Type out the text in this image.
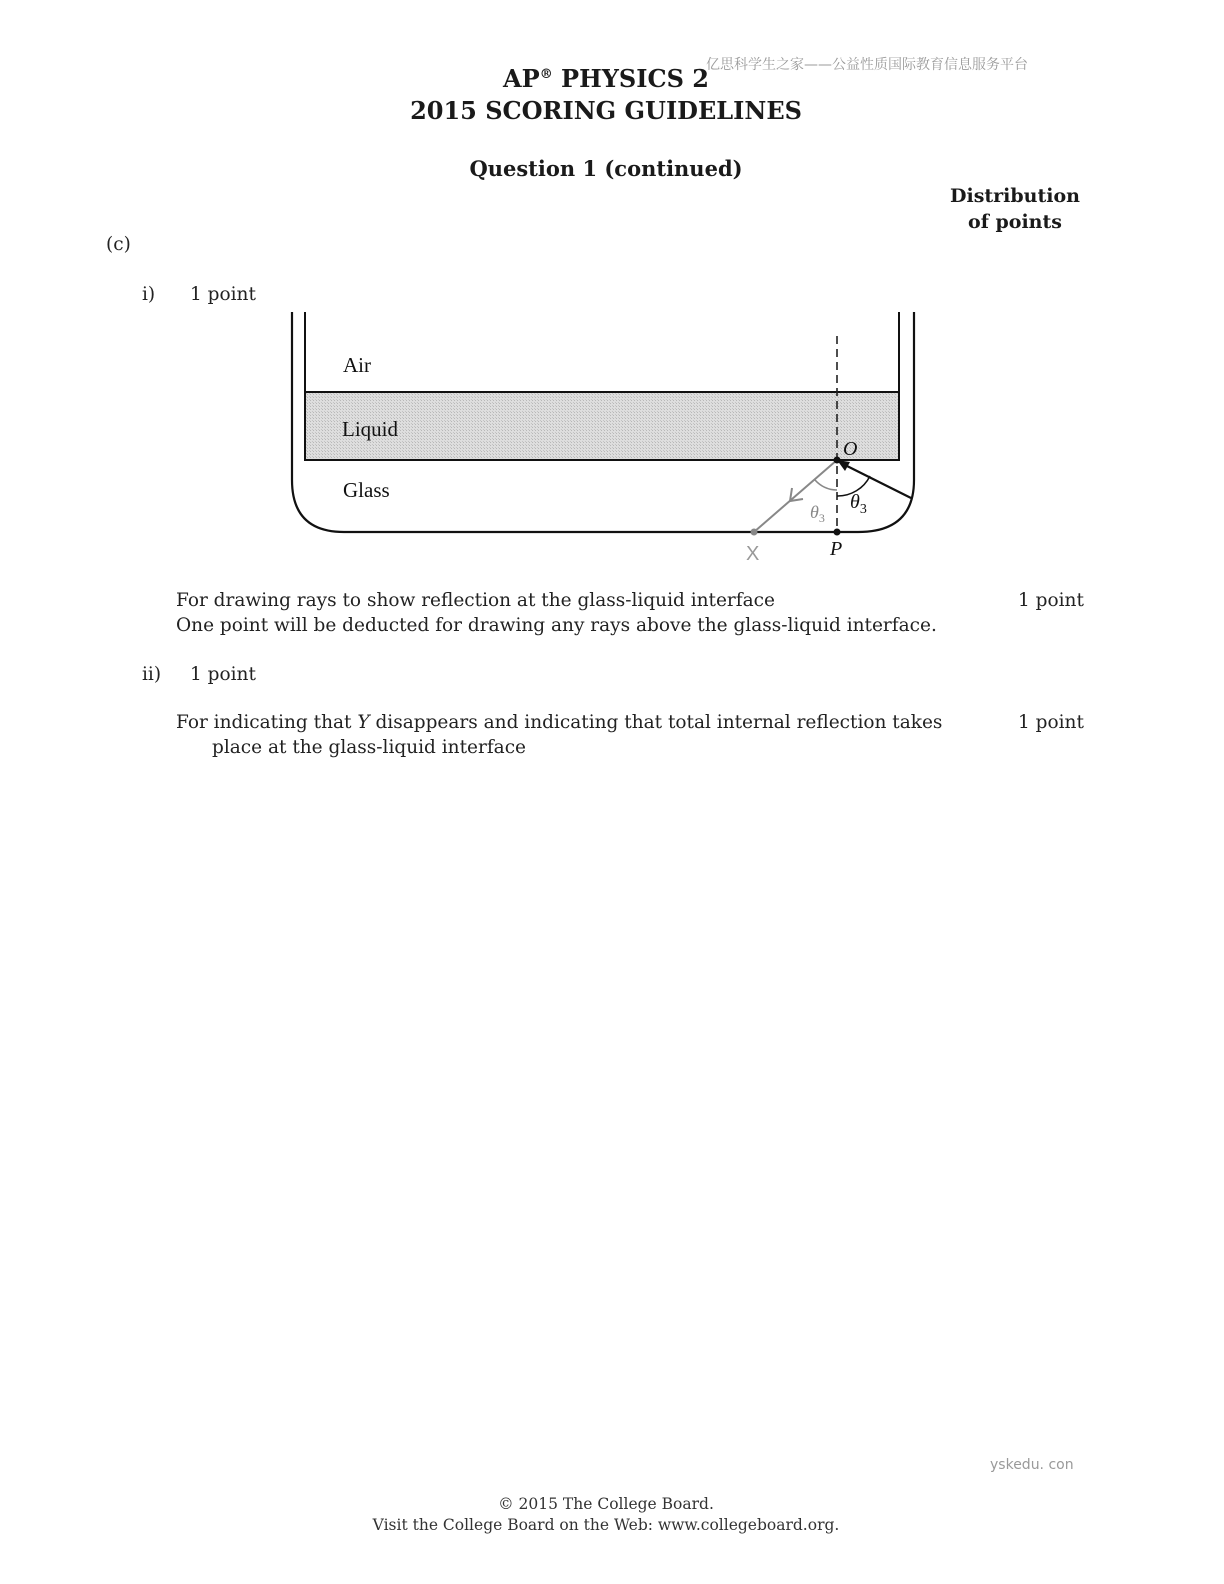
亿思科学生之家——公益性质国际教育信息服务平台
AP® PHYSICS 2
2015 SCORING GUIDELINES
Question 1 (continued)
Distribution
of points
(c)
i) 1 point
Air
Liquid
Glass
O
P
$\theta_3$
$\theta_3$
X
For drawing rays to show reflection at the glass-liquid interface	1 point
One point will be deducted for drawing any rays above the glass-liquid interface.
ii) 1 point
For indicating that Y disappears and indicating that total internal reflection takes
place at the glass-liquid interface
1 point
yskedu. con
© 2015 The College Board.
Visit the College Board on the Web: www.collegeboard.org.
